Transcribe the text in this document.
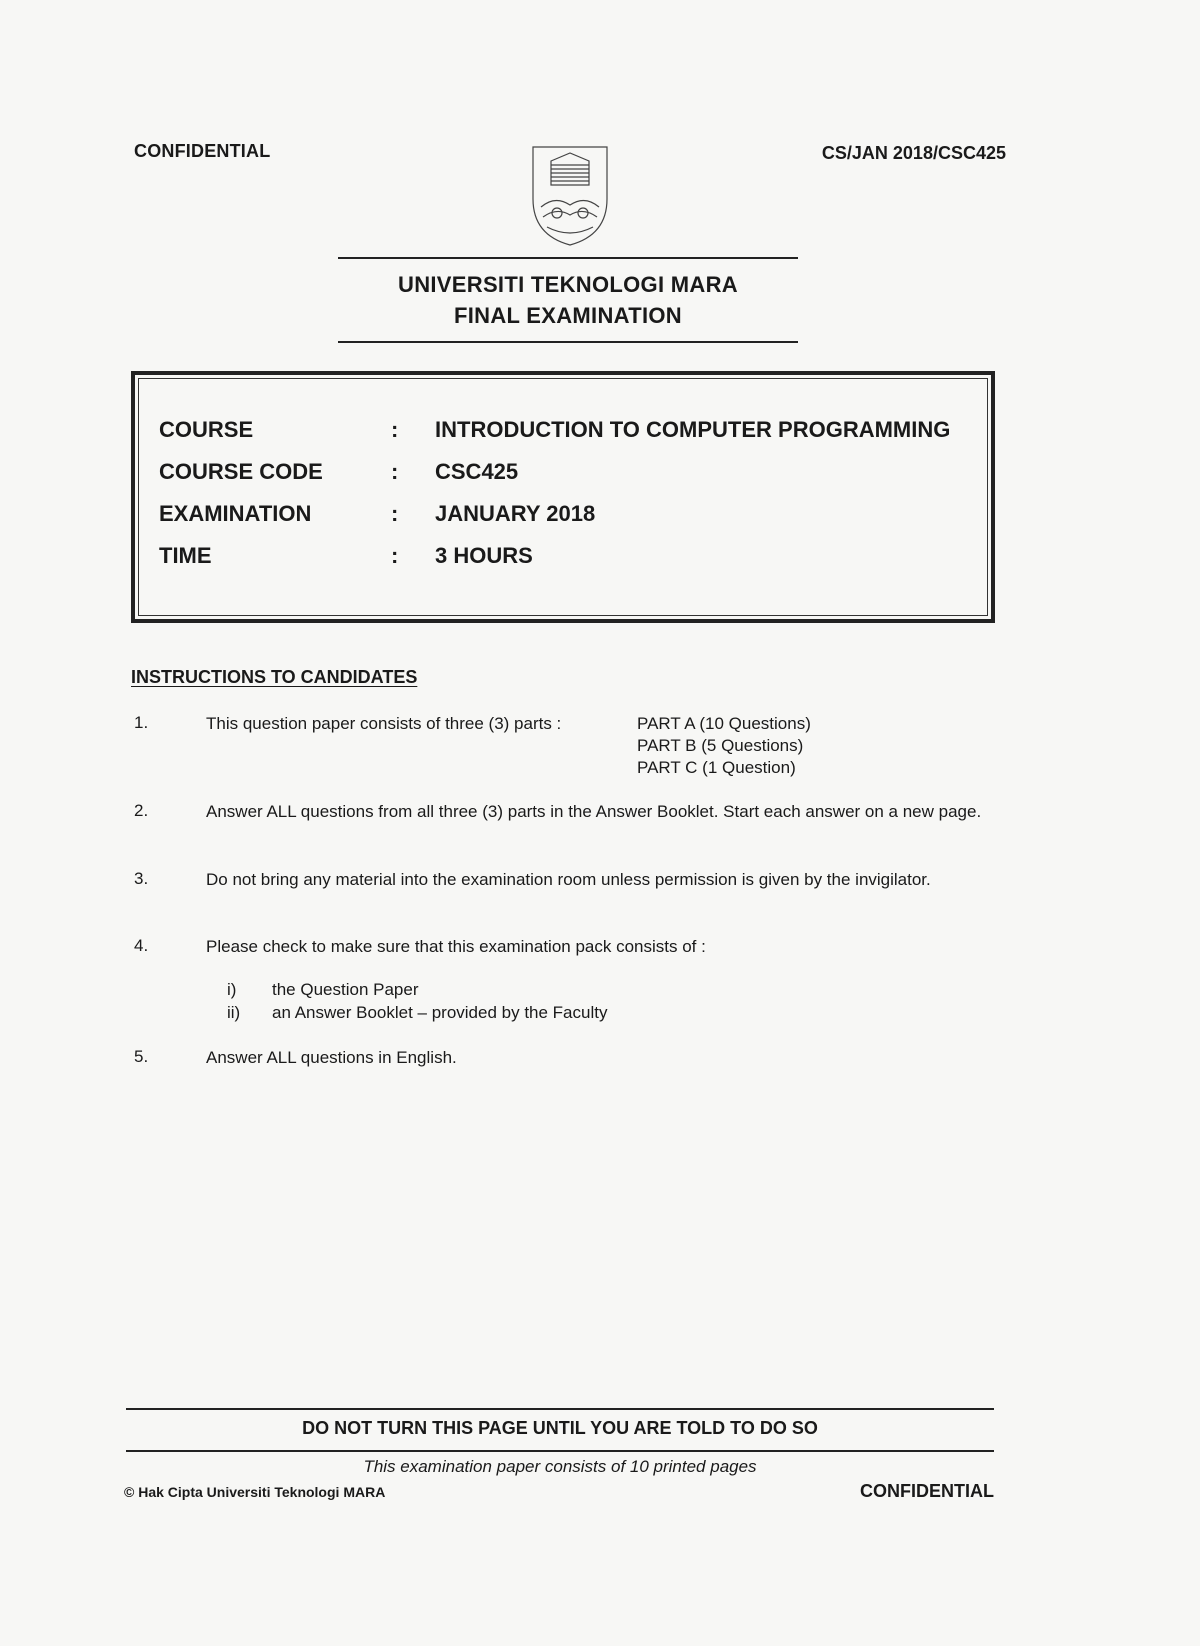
CONFIDENTIAL	CS/JAN 2018/CSC425
UNIVERSITI TEKNOLOGI MARA
FINAL EXAMINATION
COURSE	: INTRODUCTION TO COMPUTER PROGRAMMING
COURSE CODE	: CSC425
EXAMINATION	: JANUARY 2018
TIME	: 3 HOURS
INSTRUCTIONS TO CANDIDATES
1.	This question paper consists of three (3) parts :	PART A (10 Questions)
PART B (5 Questions)
PART C (1 Question)
2.	Answer ALL questions from all three (3) parts in the Answer Booklet. Start each answer on a new page.
3.	Do not bring any material into the examination room unless permission is given by the invigilator.
4.	Please check to make sure that this examination pack consists of :
i) the Question Paper
ii) an Answer Booklet – provided by the Faculty
5.	Answer ALL questions in English.
DO NOT TURN THIS PAGE UNTIL YOU ARE TOLD TO DO SO
This examination paper consists of 10 printed pages
© Hak Cipta Universiti Teknologi MARA	CONFIDENTIAL
